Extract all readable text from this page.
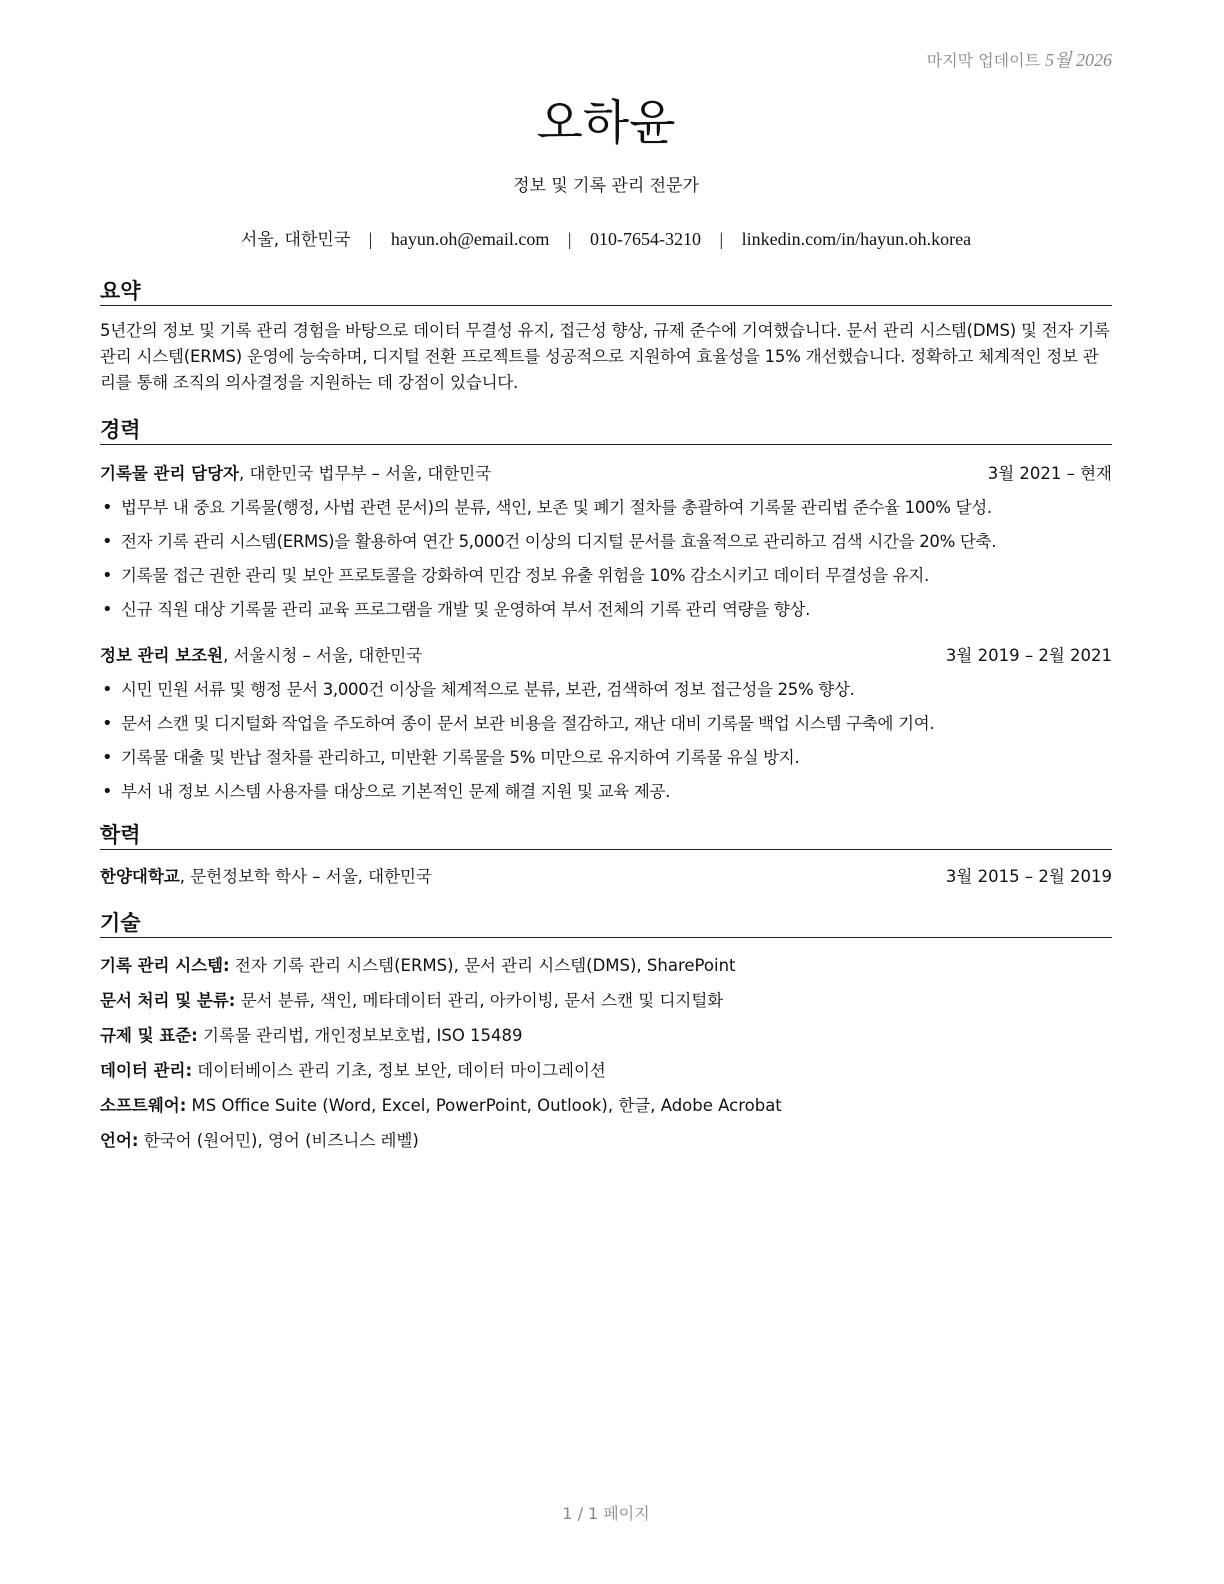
마지막 업데이트 5월 2026
오하윤
정보 및 기록 관리 전문가
서울, 대한민국 | hayun.oh@email.com | 010-7654-3210 | linkedin.com/in/hayun.oh.korea
요약

5년간의 정보 및 기록 관리 경험을 바탕으로 데이터 무결성 유지, 접근성 향상, 규제 준수에 기여했습니다. 문서 관리 시스템(DMS) 및 전자 기록 관리 시스템(ERMS) 운영에 능숙하며, 디지털 전환 프로젝트를 성공적으로 지원하여 효율성을 15% 개선했습니다. 정확하고 체계적인 정보 관리를 통해 조직의 의사결정을 지원하는 데 강점이 있습니다.

경력
기록물 관리 담당자, 대한민국 법무부 – 서울, 대한민국	3월 2021 – 현재
• 법무부 내 중요 기록물(행정, 사법 관련 문서)의 분류, 색인, 보존 및 폐기 절차를 총괄하여 기록물 관리법 준수율 100% 달성.
• 전자 기록 관리 시스템(ERMS)을 활용하여 연간 5,000건 이상의 디지털 문서를 효율적으로 관리하고 검색 시간을 20% 단축.
• 기록물 접근 권한 관리 및 보안 프로토콜을 강화하여 민감 정보 유출 위험을 10% 감소시키고 데이터 무결성을 유지.
• 신규 직원 대상 기록물 관리 교육 프로그램을 개발 및 운영하여 부서 전체의 기록 관리 역량을 향상.
정보 관리 보조원, 서울시청 – 서울, 대한민국	3월 2019 – 2월 2021
• 시민 민원 서류 및 행정 문서 3,000건 이상을 체계적으로 분류, 보관, 검색하여 정보 접근성을 25% 향상.
• 문서 스캔 및 디지털화 작업을 주도하여 종이 문서 보관 비용을 절감하고, 재난 대비 기록물 백업 시스템 구축에 기여.
• 기록물 대출 및 반납 절차를 관리하고, 미반환 기록물을 5% 미만으로 유지하여 기록물 유실 방지.
• 부서 내 정보 시스템 사용자를 대상으로 기본적인 문제 해결 지원 및 교육 제공.
학력
한양대학교, 문헌정보학 학사 – 서울, 대한민국	3월 2015 – 2월 2019
기술
기록 관리 시스템: 전자 기록 관리 시스템(ERMS), 문서 관리 시스템(DMS), SharePoint
문서 처리 및 분류: 문서 분류, 색인, 메타데이터 관리, 아카이빙, 문서 스캔 및 디지털화
규제 및 표준: 기록물 관리법, 개인정보보호법, ISO 15489
데이터 관리: 데이터베이스 관리 기초, 정보 보안, 데이터 마이그레이션
소프트웨어: MS Office Suite (Word, Excel, PowerPoint, Outlook), 한글, Adobe Acrobat
언어: 한국어 (원어민), 영어 (비즈니스 레벨)
1 / 1 페이지
